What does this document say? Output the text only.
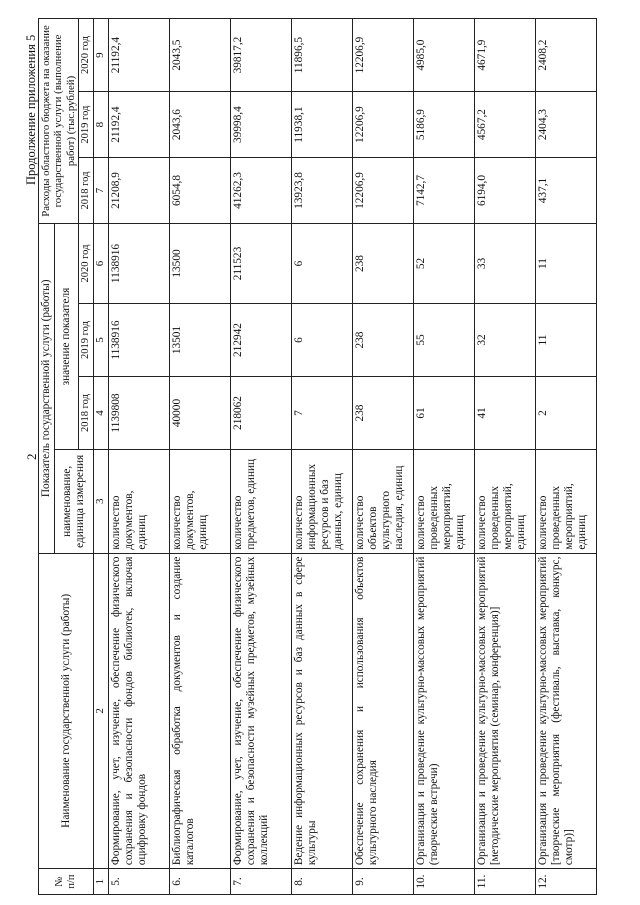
2
Продолжение приложения 5
№
п/п	Наименование государственной услуги (работы)	Показатель государственной услуги (работы)				Расходы областного бюджета на оказание государственной услуги (выполнение работ) (тыс.рублей)		
		наименование, единица измерения	значение показателя					
			2018 год	2019 год	2020 год	2018 год	2019 год	2020 год
1	2	3	4	5	6	7	8	9
5.	Формирование, учет, изучение, обеспечение физического сохранения и безопасности фондов библиотек, включая оцифровку фондов	количество документов, единиц	1139808	1138916	1138916	21208,9	21192,4	21192,4
6.	Библиографическая обработка документов и создание каталогов	количество документов, единиц	40000	13501	13500	6054,8	2043,6	2043,5
7.	Формирование, учет, изучение, обеспечение физического сохранения и безопасности музейных предметов, музейных коллекций	количество предметов, единиц	218062	212942	211523	41262,3	39998,4	39817,2
8.	Ведение информационных ресурсов и баз данных в сфере культуры	количество информационных ресурсов и баз данных, единиц	7	6	6	13923,8	11938,1	11896,5
9.	Обеспечение сохранения и использования объектов культурного наследия	количество объектов культурного наследия, единиц	238	238	238	12206,9	12206,9	12206,9
10.	Организация и проведение культурно-массовых мероприятий (творческие встречи)	количество проведенных мероприятий, единиц	61	55	52	7142,7	5186,9	4985,0
11.	Организация и проведение культурно-массовых мероприятий [методические мероприятия (семинар, конференция)]	количество проведенных мероприятий, единиц	41	32	33	6194,0	4567,2	4671,9
12.	Организация и проведение культурно-массовых мероприятий [творческие мероприятия (фестиваль, выставка, конкурс, смотр)]	количество проведенных мероприятий, единиц	2	11	11	437,1	2404,3	2408,2
